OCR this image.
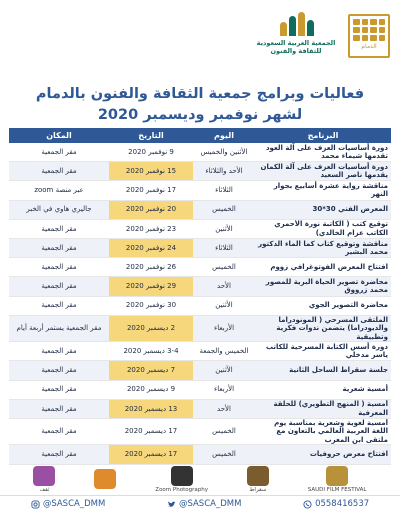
الدمام
الجمعية العربية السعودية
للثقافة والفنون
فعاليات وبرامج جمعية الثقافة والفنون بالدمام
لشهر نوفمبر وديسمبر 2020
البرنامج	اليوم	التاريخ	المكان
دورة أساسيات العزف على آلة العود تقدمها شيماء محمد	الأثنين والخميس	9 نوفمبر 2020	مقر الجمعية
دورة أساسيات العزف على آلة الكمان يقدمها ناصر السعيد	الأحد والثلاثاء	15 نوفمبر 2020	مقر الجمعية
مناقشة رواية عشرة أسابيع بجوار النهر	الثلاثاء	17 نوفمبر 2020	عبر منصة zoom
المعرض الفني 30*30	الخميس	20 نوفمبر 2020	جاليري هاوي في الخبر
توقيع كتب ( الكاتبة نورة الأحمري الكاتب عزام الخالدي)	الأثنين	23 نوفمبر 2020	مقر الجمعية
مناقشة وتوقيع كتاب كما الماء الدكتور محمد البشير	الثلاثاء	24 نوفمبر 2020	مقر الجمعية
افتتاح المعرض الفوتوغرافي زووم	الخميس	26 نوفمبر 2020	مقر الجمعية
محاضرة تصوير الحياة البرية للمصور محمد زرووق	الأحد	29 نوفمبر 2020	مقر الجمعية
محاضرة التصوير الجوي	الأثنين	30 نوفمبر 2020	مقر الجمعية
الملتقى المسرحي ( المونودراما والديودراما) يتضمن ندوات فكرية وتطبيقية	الأربعاء	2 ديسمبر 2020	مقر الجمعية يستمر أربعة أيام
دورة أسس الكتابة المسرحية للكاتب ياسر مدخلي	الخميس والجمعة	3-4 ديسمبر 2020	مقر الجمعية
جلسة سقراط الساحل الثانية	الأثنين	7 ديسمبر 2020	مقر الجمعية
أمسية شعرية	الأربعاء	9 ديسمبر 2020	مقر الجمعية
أمسية ( المنهج التطويري) للحلقة المعرفية	الأحد	13 ديسمبر 2020	مقر الجمعية
أمسية لغوية وشعرية بمناسبة يوم اللغة العربية العالمي بالتعاون مع ملتقى ابن المغرب	الخميس	17 ديسمبر 2020	مقر الجمعية
افتتاح معرض حروفيات	الخميس	17 ديسمبر 2020	مقر الجمعية
ثقف	Zoom Photography	سقراط	SAUDI FILM FESTIVAL
@SASCA_DMM	@SASCA_DMM	0558416537
